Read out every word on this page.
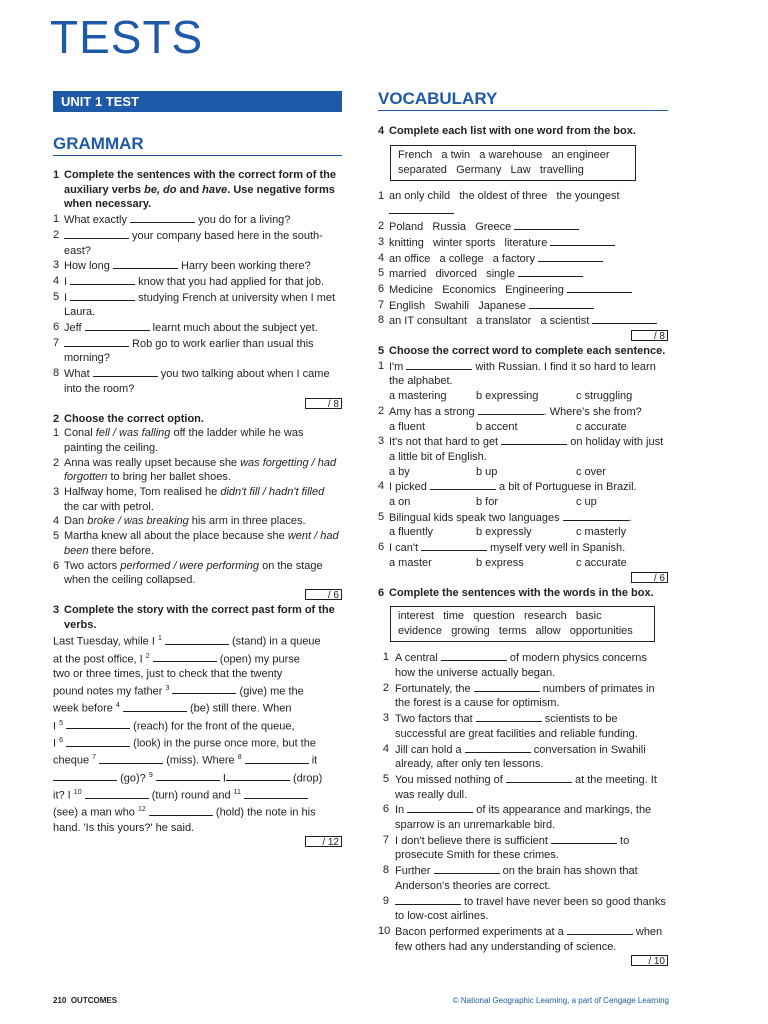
TESTS
UNIT 1 TEST
GRAMMAR
1 Complete the sentences with the correct form of the auxiliary verbs be, do and have. Use negative forms when necessary.
1 What exactly	you do for a living?
2	your company based here in the south-east?
3 How long	Harry been working there?
4 I	know that you had applied for that job.
5 I	studying French at university when I met Laura.
6 Jeff	learnt much about the subject yet.
7	Rob go to work earlier than usual this morning?
8 What	you two talking about when I came into the room?
/ 8
2 Choose the correct option.
1 Conal fell / was falling off the ladder while he was painting the ceiling.
2 Anna was really upset because she was forgetting / had forgotten to bring her ballet shoes.
3 Halfway home, Tom realised he didn't fill / hadn't filled the car with petrol.
4 Dan broke / was breaking his arm in three places.
5 Martha knew all about the place because she went / had been there before.
6 Two actors performed / were performing on the stage when the ceiling collapsed.
/ 6
3 Complete the story with the correct past form of the verbs.
Last Tuesday, while I $^1$	(stand) in a queue
at the post office, I $^2$	(open) my purse
two or three times, just to check that the twenty
pound notes my father $^3$	(give) me the
week before $^4$	(be) still there. When
I $^5$	(reach) for the front of the queue,
I $^6$	(look) in the purse once more, but the
cheque $^7$	(miss). Where $^8$	it
(go)? $^9$	I	(drop)
it? I $^{10}$	(turn) round and $^{11}$
(see) a man who $^{12}$	(hold) the note in his
hand. 'Is this yours?' he said.
/ 12
VOCABULARY
4 Complete each list with one word from the box.
French   a twin   a warehouse   an engineer
separated   Germany   Law   travelling
1 an only child   the oldest of three   the youngest
2 Poland   Russia   Greece
3 knitting   winter sports   literature
4 an office   a college   a factory
5 married   divorced   single
6 Medicine   Economics   Engineering
7 English   Swahili   Japanese
8 an IT consultant   a translator   a scientist
/ 8
5 Choose the correct word to complete each sentence.
1 I'm	with Russian. I find it so hard to learn the alphabet.
a mastering	b expressing	c struggling
2 Amy has a strong	. Where's she from?
a fluent	b accent	c accurate
3 It's not that hard to get	on holiday with just a little bit of English.
a by	b up	c over
4 I picked	a bit of Portuguese in Brazil.
a on	b for	c up
5 Bilingual kids speak two languages	.
a fluently	b expressly	c masterly
6 I can't	myself very well in Spanish.
a master	b express	c accurate
/ 6
6 Complete the sentences with the words in the box.
interest   time   question   research   basic
evidence   growing   terms   allow   opportunities
1 A central	of modern physics concerns how the universe actually began.
2 Fortunately, the	numbers of primates in the forest is a cause for optimism.
3 Two factors that	scientists to be successful are great facilities and reliable funding.
4 Jill can hold a	conversation in Swahili already, after only ten lessons.
5 You missed nothing of	at the meeting. It was really dull.
6 In	of its appearance and markings, the sparrow is an unremarkable bird.
7 I don't believe there is sufficient	to prosecute Smith for these crimes.
8 Further	on the brain has shown that Anderson's theories are correct.
9	to travel have never been so good thanks to low-cost airlines.
10 Bacon performed experiments at a	when few others had any understanding of science.
/ 10
210 OUTCOMES	© National Geographic Learning, a part of Cengage Learning
